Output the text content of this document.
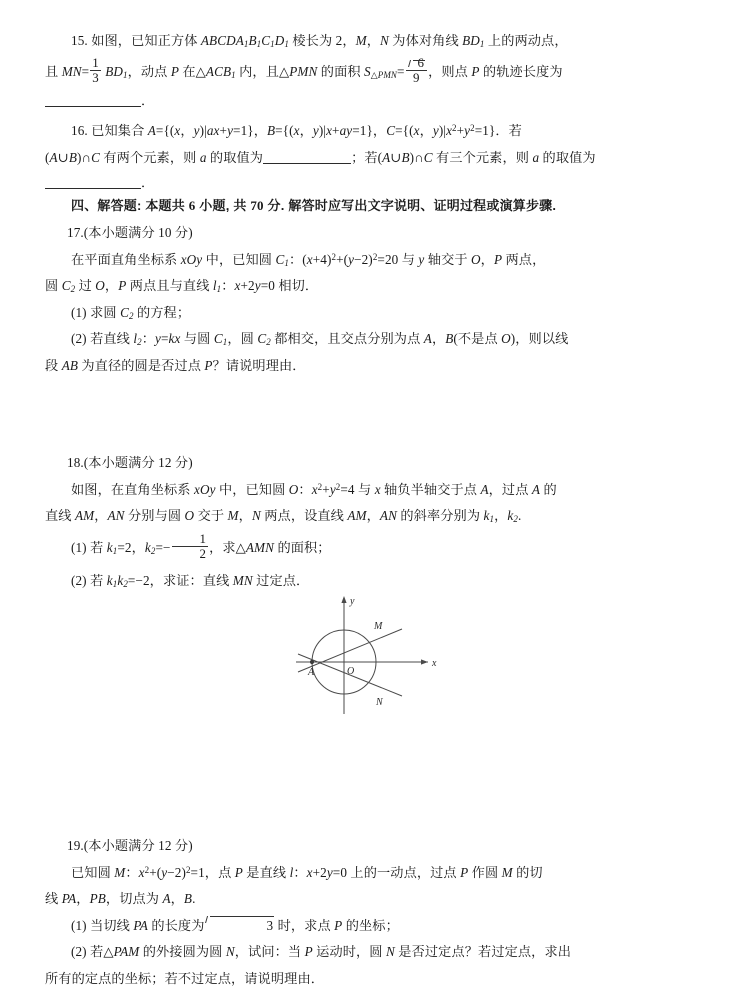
15. 如图，已知正方体 $ABCDA_1B_1C_1D_1$ 棱长为 2，M，N 为体对角线 $BD_1$ 上的两动点，

且 $MN= \frac{1}{3} BD_1$，动点 P 在$\triangle ACB_1$ 内，且△PMN 的面积 $S_{\triangle PMN}= \frac{6}{9}$ ，则点 P 的轨迹长度为

．

16. 已知集合 A={(x，y)|ax+y=1}，B={(x，y)|x+ay=1}，C={(x，$y)|x^2+y^2=1$}．若

(A∪B)∩C 有两个元素，则 a 的取值为	；若(A∪B)∩C 有三个元素，则 a 的取值为

．

四、解答题: 本题共 6 小题, 共 70 分. 解答时应写出文字说明、证明过程或演算步骤.

17.(本小题满分 10 分)

在平面直角坐标系 xOy 中，已知圆 $C_1$：$(x+4)^2+(y-2)^2=20$ 与 y 轴交于 O，P 两点，

圆 $C_2$ 过 O，P 两点且与直线 $l_1$：x+2y=0 相切．

(1) 求圆 $C_2$ 的方程；

(2) 若直线 $l_2$：y=kx 与圆 $C_1$，圆 $C_2$ 都相交，且交点分别为点 A，B(不是点 O)，则以线

段 AB 为直径的圆是否过点 P？请说明理由．

18.(本小题满分 12 分)

如图，在直角坐标系 xOy 中，已知圆 O：$x^2+y^2=4$ 与 x 轴负半轴交于点 A，过点 A 的

直线 AM，AN 分别与圆 O 交于 M，N 两点，设直线 AM，AN 的斜率分别为 $k_1$，$k_2$.

(1) 若 $k_1=2$，$k_2=- \frac{1}{2}$ ，求△AMN 的面积；

(2) 若 $k_1k_2=-2$，求证：直线 MN 过定点．

x
y
O
A
M
N

19.(本小题满分 12 分)

已知圆 M：$x^2+(y-2)^2=1$，点 P 是直线 l：x+2y=0 上的一动点，过点 P 作圆 M 的切

线 PA，PB，切点为 A，B.

(1) 当切线 PA 的长度为	3 时，求点 P 的坐标；

(2) 若△PAM 的外接圆为圆 N，试问：当 P 运动时，圆 N 是否过定点？若过定点，求出

所有的定点的坐标；若不过定点，请说明理由．
